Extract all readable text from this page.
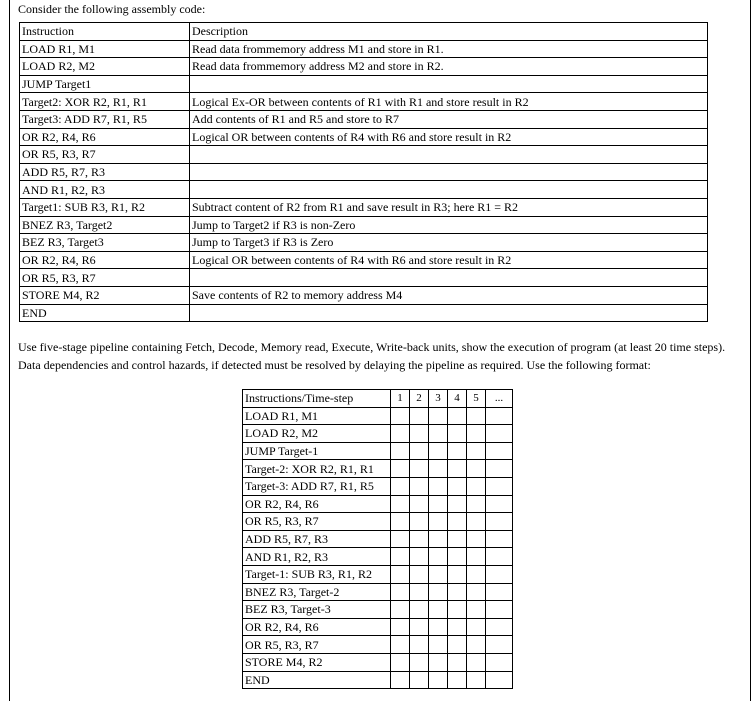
Consider the following assembly code:
Instruction	Description
LOAD R1, M1	Read data frommemory address M1 and store in R1.
LOAD R2, M2	Read data frommemory address M2 and store in R2.
JUMP Target1	
Target2: XOR R2, R1, R1	Logical Ex-OR between contents of R1 with R1 and store result in R2
Target3: ADD R7, R1, R5	Add contents of R1 and R5 and store to R7
OR R2, R4, R6	Logical OR between contents of R4 with R6 and store result in R2
OR R5, R3, R7	
ADD R5, R7, R3	
AND R1, R2, R3	
Target1: SUB R3, R1, R2	Subtract content of R2 from R1 and save result in R3; here R1 = R2
BNEZ R3, Target2	Jump to Target2 if R3 is non-Zero
BEZ R3, Target3	Jump to Target3 if R3 is Zero
OR R2, R4, R6	Logical OR between contents of R4 with R6 and store result in R2
OR R5, R3, R7	
STORE M4, R2	Save contents of R2 to memory address M4
END	
Use five-stage pipeline containing Fetch, Decode, Memory read, Execute, Write-back units, show the execution of program (at least 20 time steps). Data dependencies and control hazards, if detected must be resolved by delaying the pipeline as required. Use the following format:
Instructions/Time-step	1	2	3	4	5	...
LOAD R1, M1						
LOAD R2, M2						
JUMP Target-1						
Target-2: XOR R2, R1, R1						
Target-3: ADD R7, R1, R5						
OR R2, R4, R6						
OR R5, R3, R7						
ADD R5, R7, R3						
AND R1, R2, R3						
Target-1: SUB R3, R1, R2						
BNEZ R3, Target-2						
BEZ R3, Target-3						
OR R2, R4, R6						
OR R5, R3, R7						
STORE M4, R2						
END						
